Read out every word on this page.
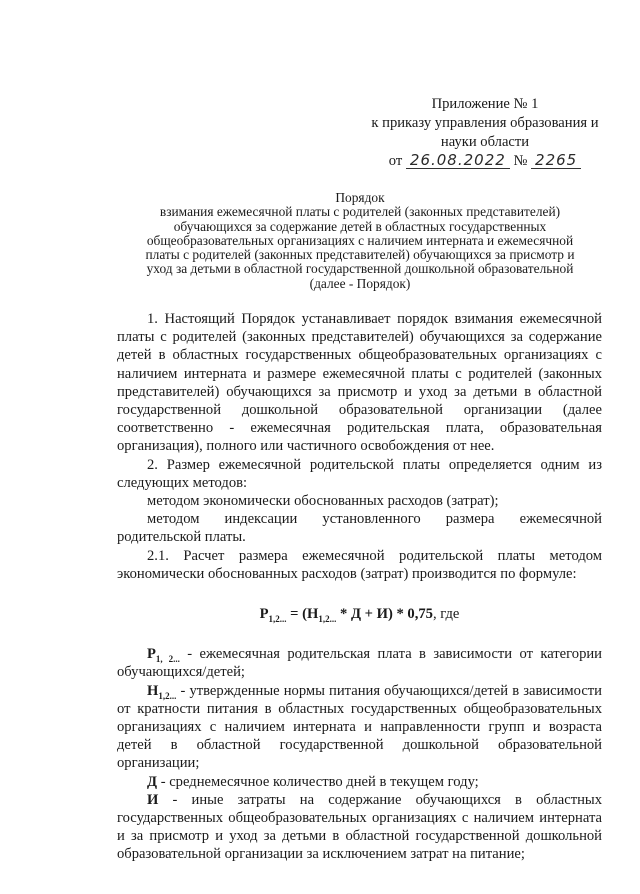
Приложение № 1
к приказу управления образования и
науки области
от 26.08.2022 № 2265
Порядок
взимания ежемесячной платы с родителей (законных представителей)
обучающихся за содержание детей в областных государственных
общеобразовательных организациях с наличием интерната и ежемесячной
платы с родителей (законных представителей) обучающихся за присмотр и
уход за детьми в областной государственной дошкольной образовательной
(далее - Порядок)

1. Настоящий Порядок устанавливает порядок взимания ежемесячной платы с родителей (законных представителей) обучающихся за содержание детей в областных государственных общеобразовательных организациях с наличием интерната и размере ежемесячной платы с родителей (законных представителей) обучающихся за присмотр и уход за детьми в областной государственной дошкольной образовательной организации (далее соответственно - ежемесячная родительская плата, образовательная организация), полного или частичного освобождения от нее.

2. Размер ежемесячной родительской платы определяется одним из следующих методов:

методом экономически обоснованных расходов (затрат);

методом индексации установленного размера ежемесячной родительской платы.

2.1. Расчет размера ежемесячной родительской платы методом экономически обоснованных расходов (затрат) производится по формуле:

$Р_{1,2...} = (Н_{1,2...} * Д + И) * 0,75$, где

$Р_{1, 2...}$ - ежемесячная родительская плата в зависимости от категории обучающихся/детей;

$Н_{1,2...}$ - утвержденные нормы питания обучающихся/детей в зависимости от кратности питания в областных государственных общеобразовательных организациях с наличием интерната и направленности групп и возраста детей в областной государственной дошкольной образовательной организации;

Д - среднемесячное количество дней в текущем году;

И - иные затраты на содержание обучающихся в областных государственных общеобразовательных организациях с наличием интерната и за присмотр и уход за детьми в областной государственной дошкольной образовательной организации за исключением затрат на питание;
